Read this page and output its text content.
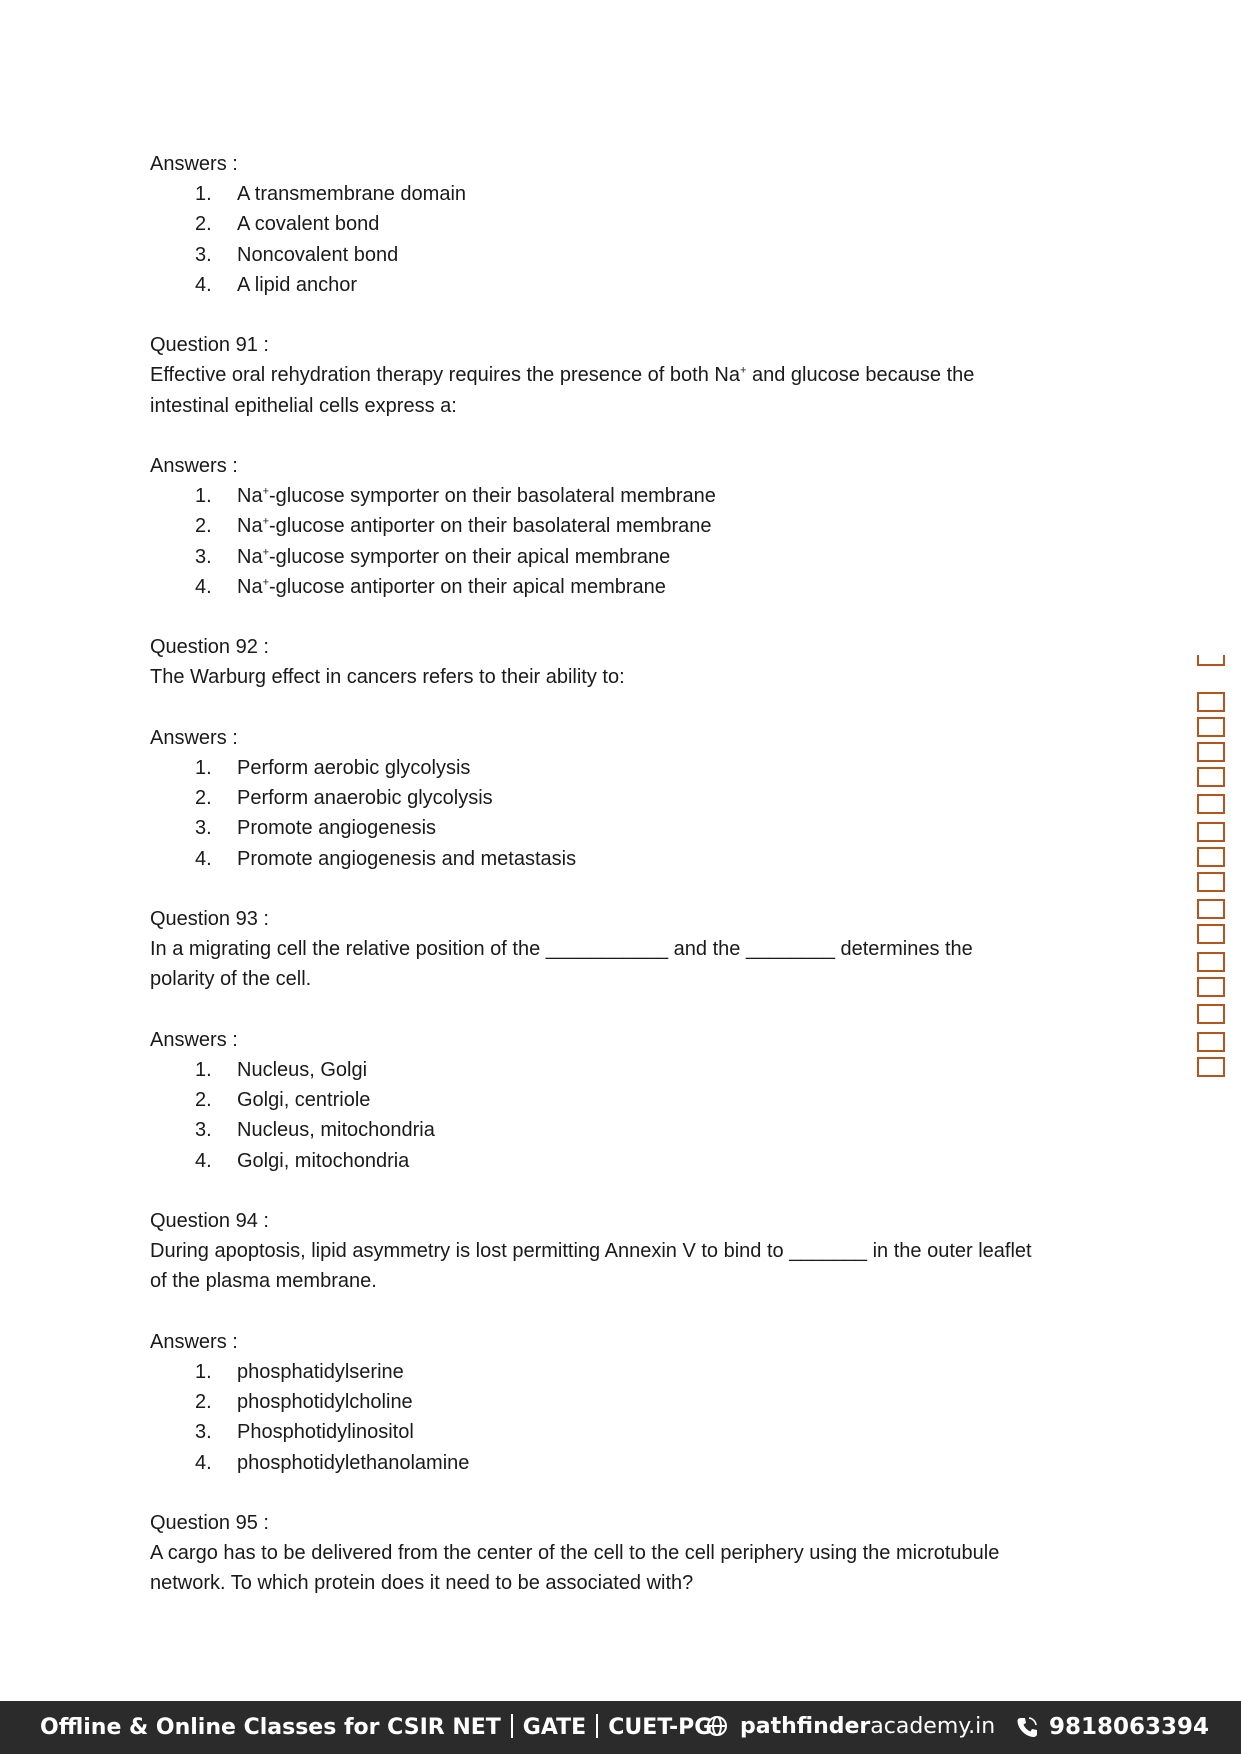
Answers :
1.	A transmembrane domain
2.	A covalent bond
3.	Noncovalent bond
4.	A lipid anchor
Question 91 :
Effective oral rehydration therapy requires the presence of both Na+ and glucose because the
intestinal epithelial cells express a:
Answers :
1.	Na+-glucose symporter on their basolateral membrane
2.	Na+-glucose antiporter on their basolateral membrane
3.	Na+-glucose symporter on their apical membrane
4.	Na+-glucose antiporter on their apical membrane
Question 92 :
The Warburg effect in cancers refers to their ability to:
Answers :
1.	Perform aerobic glycolysis
2.	Perform anaerobic glycolysis
3.	Promote angiogenesis
4.	Promote angiogenesis and metastasis
Question 93 :
In a migrating cell the relative position of the ___________ and the ________ determines the
polarity of the cell.
Answers :
1.	Nucleus, Golgi
2.	Golgi, centriole
3.	Nucleus, mitochondria
4.	Golgi, mitochondria
Question 94 :
During apoptosis, lipid asymmetry is lost permitting Annexin V to bind to _______ in the outer leaflet
of the plasma membrane.
Answers :
1.	phosphatidylserine
2.	phosphotidylcholine
3.	Phosphotidylinositol
4.	phosphotidylethanolamine
Question 95 :
A cargo has to be delivered from the center of the cell to the cell periphery using the microtubule
network. To which protein does it need to be associated with?
Offline & Online Classes for CSIR NET GATE CUET-PG	pathfinderacademy.in	9818063394
